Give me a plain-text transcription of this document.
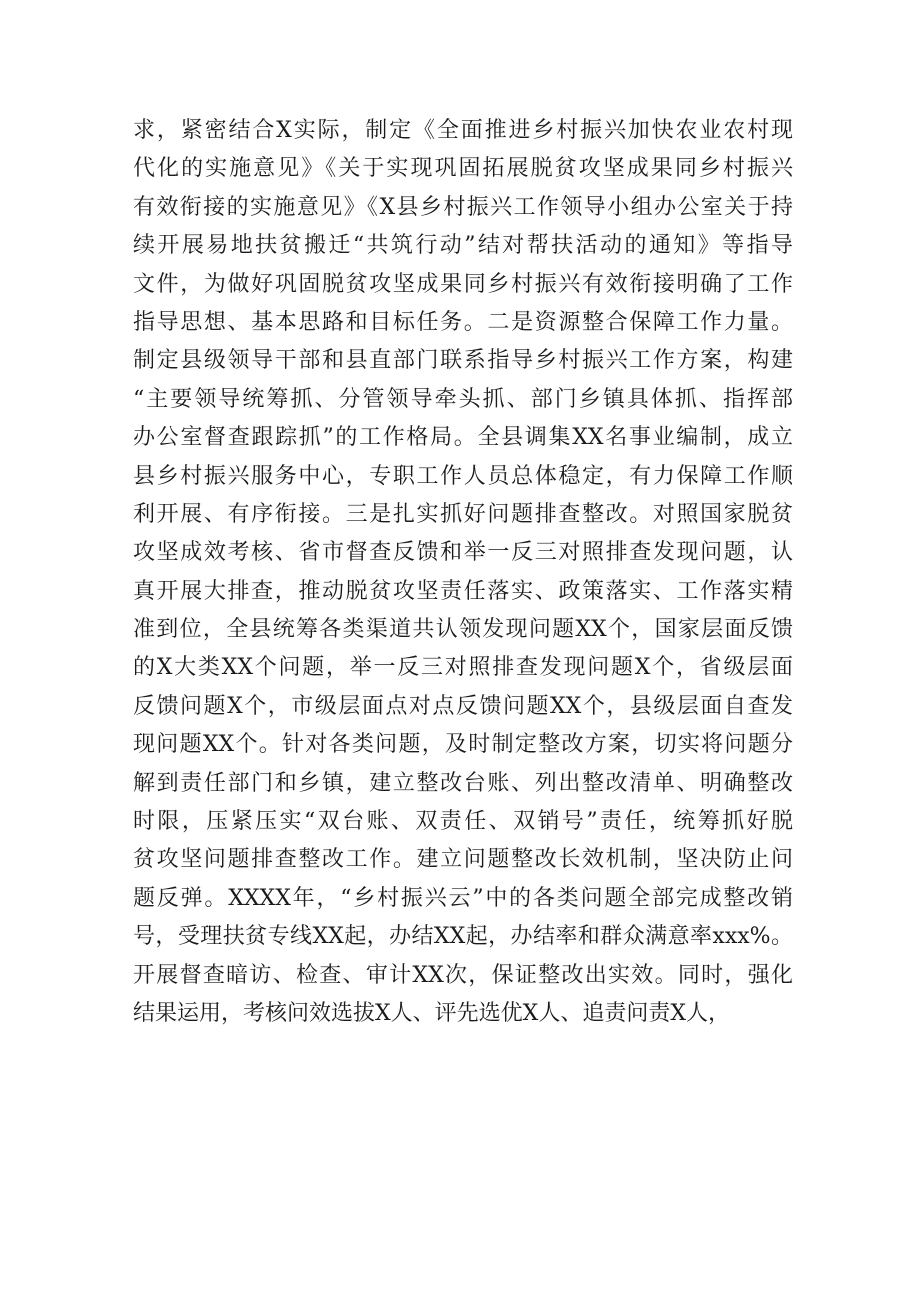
求，紧密结合X实际，制定《全面推进乡村振兴加快农业农村现
代化的实施意见》《关于实现巩固拓展脱贫攻坚成果同乡村振兴
有效衔接的实施意见》《X县乡村振兴工作领导小组办公室关于持
续开展易地扶贫搬迁“共筑行动”结对帮扶活动的通知》等指导
文件，为做好巩固脱贫攻坚成果同乡村振兴有效衔接明确了工作
指导思想、基本思路和目标任务。二是资源整合保障工作力量。
制定县级领导干部和县直部门联系指导乡村振兴工作方案，构建
“主要领导统筹抓、分管领导牵头抓、部门乡镇具体抓、指挥部
办公室督查跟踪抓”的工作格局。全县调集XX名事业编制，成立
县乡村振兴服务中心，专职工作人员总体稳定，有力保障工作顺
利开展、有序衔接。三是扎实抓好问题排查整改。对照国家脱贫
攻坚成效考核、省市督查反馈和举一反三对照排查发现问题，认
真开展大排查，推动脱贫攻坚责任落实、政策落实、工作落实精
准到位，全县统筹各类渠道共认领发现问题XX个，国家层面反馈
的X大类XX个问题，举一反三对照排查发现问题X个，省级层面
反馈问题X个，市级层面点对点反馈问题XX个，县级层面自查发
现问题XX个。针对各类问题，及时制定整改方案，切实将问题分
解到责任部门和乡镇，建立整改台账、列出整改清单、明确整改
时限，压紧压实“双台账、双责任、双销号”责任，统筹抓好脱
贫攻坚问题排查整改工作。建立问题整改长效机制，坚决防止问
题反弹。XXXX年，“乡村振兴云”中的各类问题全部完成整改销
号，受理扶贫专线XX起，办结XX起，办结率和群众满意率xxx%。
开展督查暗访、检查、审计XX次，保证整改出实效。同时，强化
结果运用，考核问效选拔X人、评先选优X人、追责问责X人，
